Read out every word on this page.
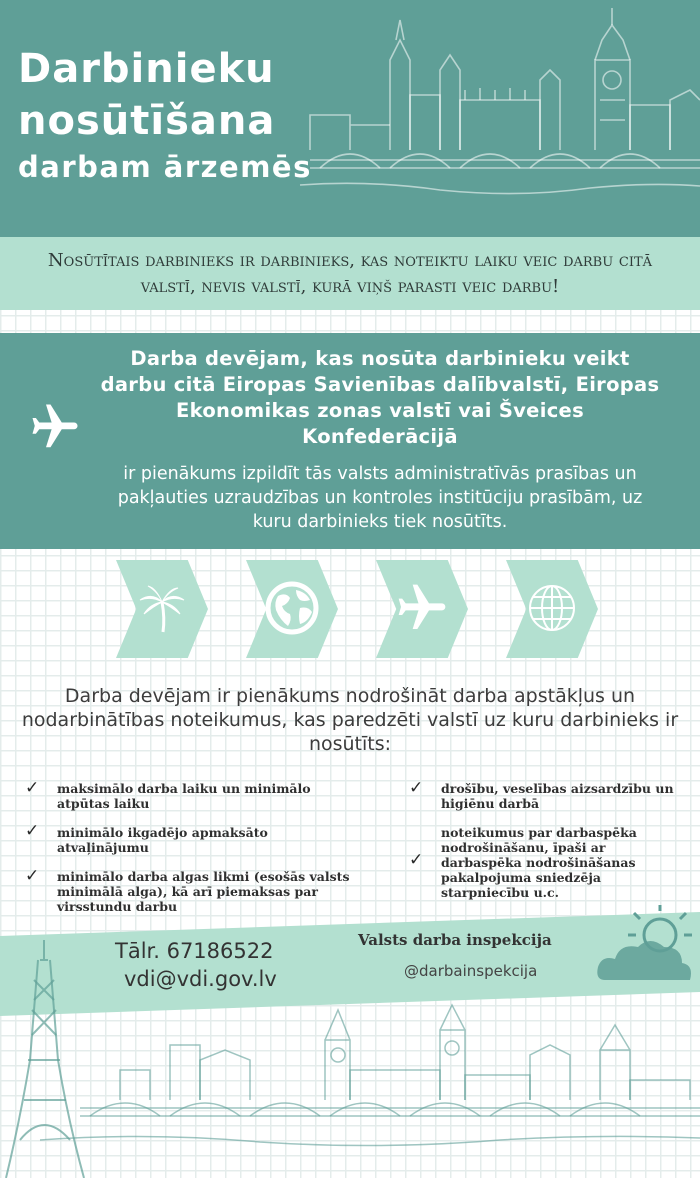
Darbinieku
nosūtīšana
darbam ārzemēs
Nosūtītais darbinieks ir darbinieks, kas noteiktu laiku veic darbu citā valstī, nevis valstī, kurā viņš parasti veic darbu!
Darba devējam, kas nosūta darbinieku veikt darbu citā Eiropas Savienības dalībvalstī, Eiropas Ekonomikas zonas valstī vai Šveices Konfederācijā
ir pienākums izpildīt tās valsts administratīvās prasības un pakļauties uzraudzības un kontroles institūciju prasībām, uz kuru darbinieks tiek nosūtīts.
Darba devējam ir pienākums nodrošināt darba apstākļus un nodarbinātības noteikumus, kas paredzēti valstī uz kuru darbinieks ir nosūtīts:
✓ maksimālo darba laiku un minimālo atpūtas laiku
✓ minimālo ikgadējo apmaksāto atvaļinājumu
✓ minimālo darba algas likmi (esošās valsts minimālā alga), kā arī piemaksas par virsstundu darbu
✓ drošību, veselības aizsardzību un higiēnu darbā
✓
noteikumus par darbaspēka nodrošināšanu, īpaši ar darbaspēka nodrošināšanas pakalpojuma sniedzēja starpniecību u.c.
Tālr. 67186522
vdi@vdi.gov.lv
Valsts darba inspekcija
@darbainspekcija
